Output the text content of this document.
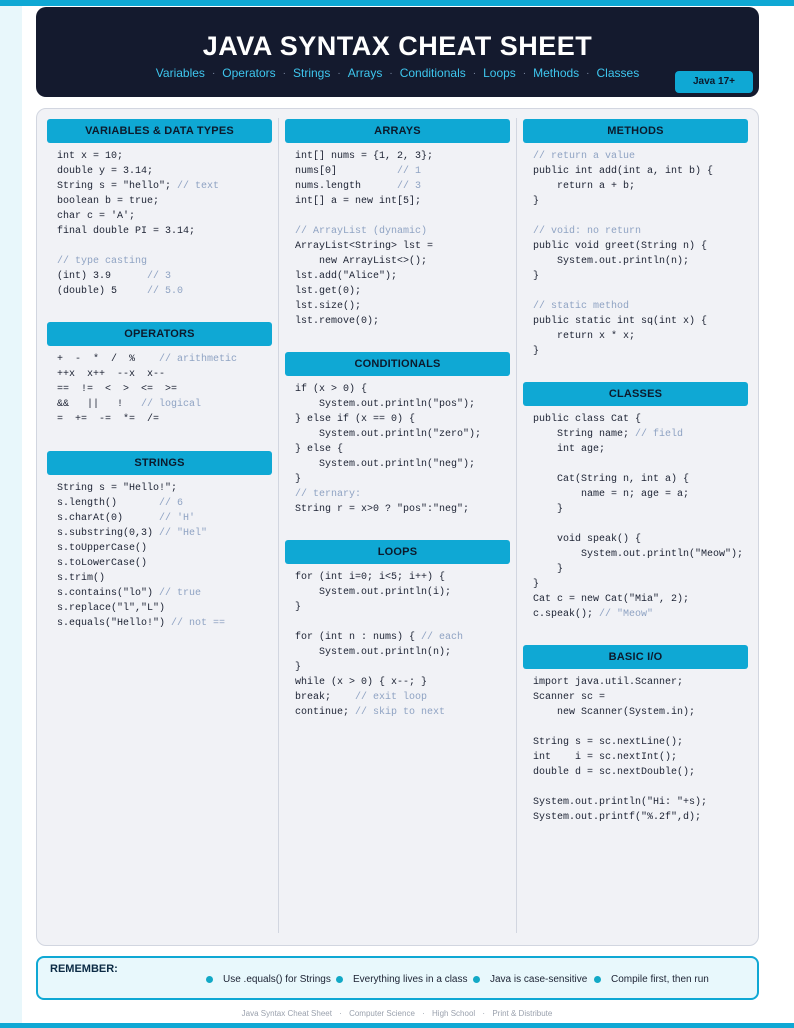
JAVA SYNTAX CHEAT SHEET
Variables · Operators · Strings · Arrays · Conditionals · Loops · Methods · Classes
Java 17+
VARIABLES & DATA TYPES
int x = 10;
double y = 3.14;
String s = "hello"; // text
boolean b = true;
char c = 'A';
final double PI = 3.14;
// type casting
(int) 3.9      // 3
(double) 5     // 5.0
OPERATORS
+  -  *  /  %    // arithmetic
++x  x++  --x  x--
==  !=  <  >  <=  >=
&&   ||   !   // logical
=  +=  -=  *=  /=
STRINGS
String s = "Hello!";
s.length()       // 6
s.charAt(0)      // 'H'
s.substring(0,3) // "Hel"
s.toUpperCase()
s.toLowerCase()
s.trim()
s.contains("lo") // true
s.replace("l","L")
s.equals("Hello!") // not ==
ARRAYS
int[] nums = {1, 2, 3};
nums[0]          // 1
nums.length      // 3
int[] a = new int[5];
// ArrayList (dynamic)
ArrayList<String> lst =
new ArrayList<>();
lst.add("Alice");
lst.get(0);
lst.size();
lst.remove(0);
CONDITIONALS
if (x > 0) {
System.out.println("pos");
} else if (x == 0) {
System.out.println("zero");
} else {
System.out.println("neg");
}
// ternary:
String r = x>0 ? "pos":"neg";
LOOPS
for (int i=0; i<5; i++) {
System.out.println(i);
}
for (int n : nums) { // each
System.out.println(n);
}
while (x > 0) { x--; }
break;    // exit loop
continue; // skip to next
METHODS
// return a value
public int add(int a, int b) {
return a + b;
}
// void: no return
public void greet(String n) {
System.out.println(n);
}
// static method
public static int sq(int x) {
return x * x;
}
CLASSES
public class Cat {
String name; // field
int age;
Cat(String n, int a) {
name = n; age = a;
}
void speak() {
System.out.println("Meow");
}
}
Cat c = new Cat("Mia", 2);
c.speak(); // "Meow"
BASIC I/O
import java.util.Scanner;
Scanner sc =
new Scanner(System.in);
String s = sc.nextLine();
int    i = sc.nextInt();
double d = sc.nextDouble();
System.out.println("Hi: "+s);
System.out.printf("%.2f",d);
REMEMBER:
Use .equals() for Strings Everything lives in a class Java is case-sensitive Compile first, then run
Java Syntax Cheat Sheet · Computer Science · High School · Print & Distribute
